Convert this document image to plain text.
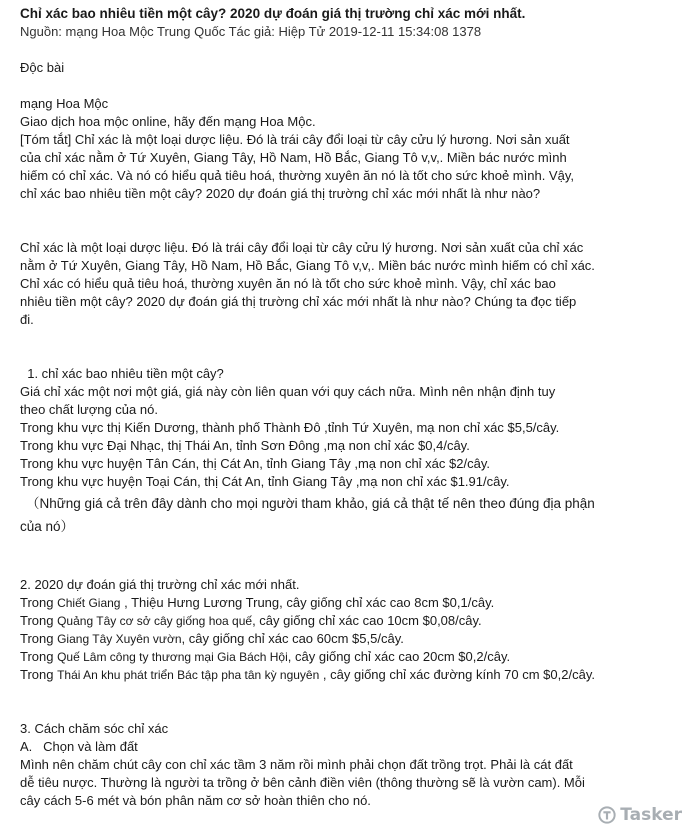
Chỉ xác bao nhiêu tiền một cây? 2020 dự đoán giá thị trường chỉ xác mới nhất.
Nguồn: mạng Hoa Mộc Trung Quốc Tác giả: Hiệp Tử 2019-12-11 15:34:08 1378
Độc bài
mạng Hoa Mộc
Giao dịch hoa mộc online, hãy đến mạng Hoa Mộc.
[Tóm tắt] Chỉ xác là một loại dược liệu. Đó là trái cây đổi loại từ cây cửu lý hương. Nơi sản xuất
của chỉ xác nằm ở Tứ Xuyên, Giang Tây, Hồ Nam, Hồ Bắc, Giang Tô v,v,. Miền bác nước mình
hiếm có chỉ xác. Và nó có hiểu quả tiêu hoá, thường xuyên ăn nó là tốt cho sức khoẻ mình. Vậy,
chỉ xác bao nhiêu tiền một cây? 2020 dự đoán giá thị trường chỉ xác mới nhất là như nào?
Chỉ xác là một loại dược liệu. Đó là trái cây đổi loại từ cây cửu lý hương. Nơi sản xuất của chỉ xác
nằm ở Tứ Xuyên, Giang Tây, Hồ Nam, Hồ Bắc, Giang Tô v,v,. Miền bác nước mình hiếm có chỉ xác.
Chỉ xác có hiểu quả tiêu hoá, thường xuyên ăn nó là tốt cho sức khoẻ mình. Vậy, chỉ xác bao
nhiêu tiền một cây? 2020 dự đoán giá thị trường chỉ xác mới nhất là như nào? Chúng ta đọc tiếp
đi.
1. chỉ xác bao nhiêu tiền một cây?
Giá chỉ xác một nơi một giá, giá này còn liên quan với quy cách nữa. Mình nên nhận định tuy
theo chất lượng của nó.
Trong khu vực thị Kiến Dương, thành phố Thành Đô ,tỉnh Tứ Xuyên, mạ non chỉ xác $5,5/cây.
Trong khu vực Đại Nhạc, thị Thái An, tỉnh Sơn Đông ,mạ non chỉ xác $0,4/cây.
Trong khu vực huyện Tân Cán, thị Cát An, tỉnh Giang Tây ,mạ non chỉ xác $2/cây.
Trong khu vực huyện Toại Cán, thị Cát An, tỉnh Giang Tây ,mạ non chỉ xác $1.91/cây.
（Những giá cả trên đây dành cho mọi người tham khảo, giá cả thật tế nên theo đúng địa phận
của nó）
2. 2020 dự đoán giá thị trường chỉ xác mới nhất.
Trong Chiết Giang , Thiệu Hưng Lương Trung, cây giống chỉ xác cao 8cm $0,1/cây.
Trong Quảng Tây cơ sở cây giống hoa quế, cây giống chỉ xác cao 10cm $0,08/cây.
Trong Giang Tây Xuyên vườn, cây giống chỉ xác cao 60cm $5,5/cây.
Trong Quế Lâm công ty thương mại Gia Bách Hội, cây giống chỉ xác cao 20cm $0,2/cây.
Trong Thái An khu phát triển Bác tập pha tân kỳ nguyên , cây giống chỉ xác đường kính 70 cm $0,2/cây.
3. Cách chăm sóc chỉ xác
A.   Chọn và làm đất
Mình nên chăm chút cây con chỉ xác tầm 3 năm rồi mình phải chọn đất trồng trọt. Phải là cát đất
dễ tiêu nược. Thường là người ta trồng ở bên cảnh điền viên (thông thường sẽ là vườn cam). Mỗi
cây cách 5-6 mét và bón phân năm cơ sở hoàn thiên cho nó.
Tasker
